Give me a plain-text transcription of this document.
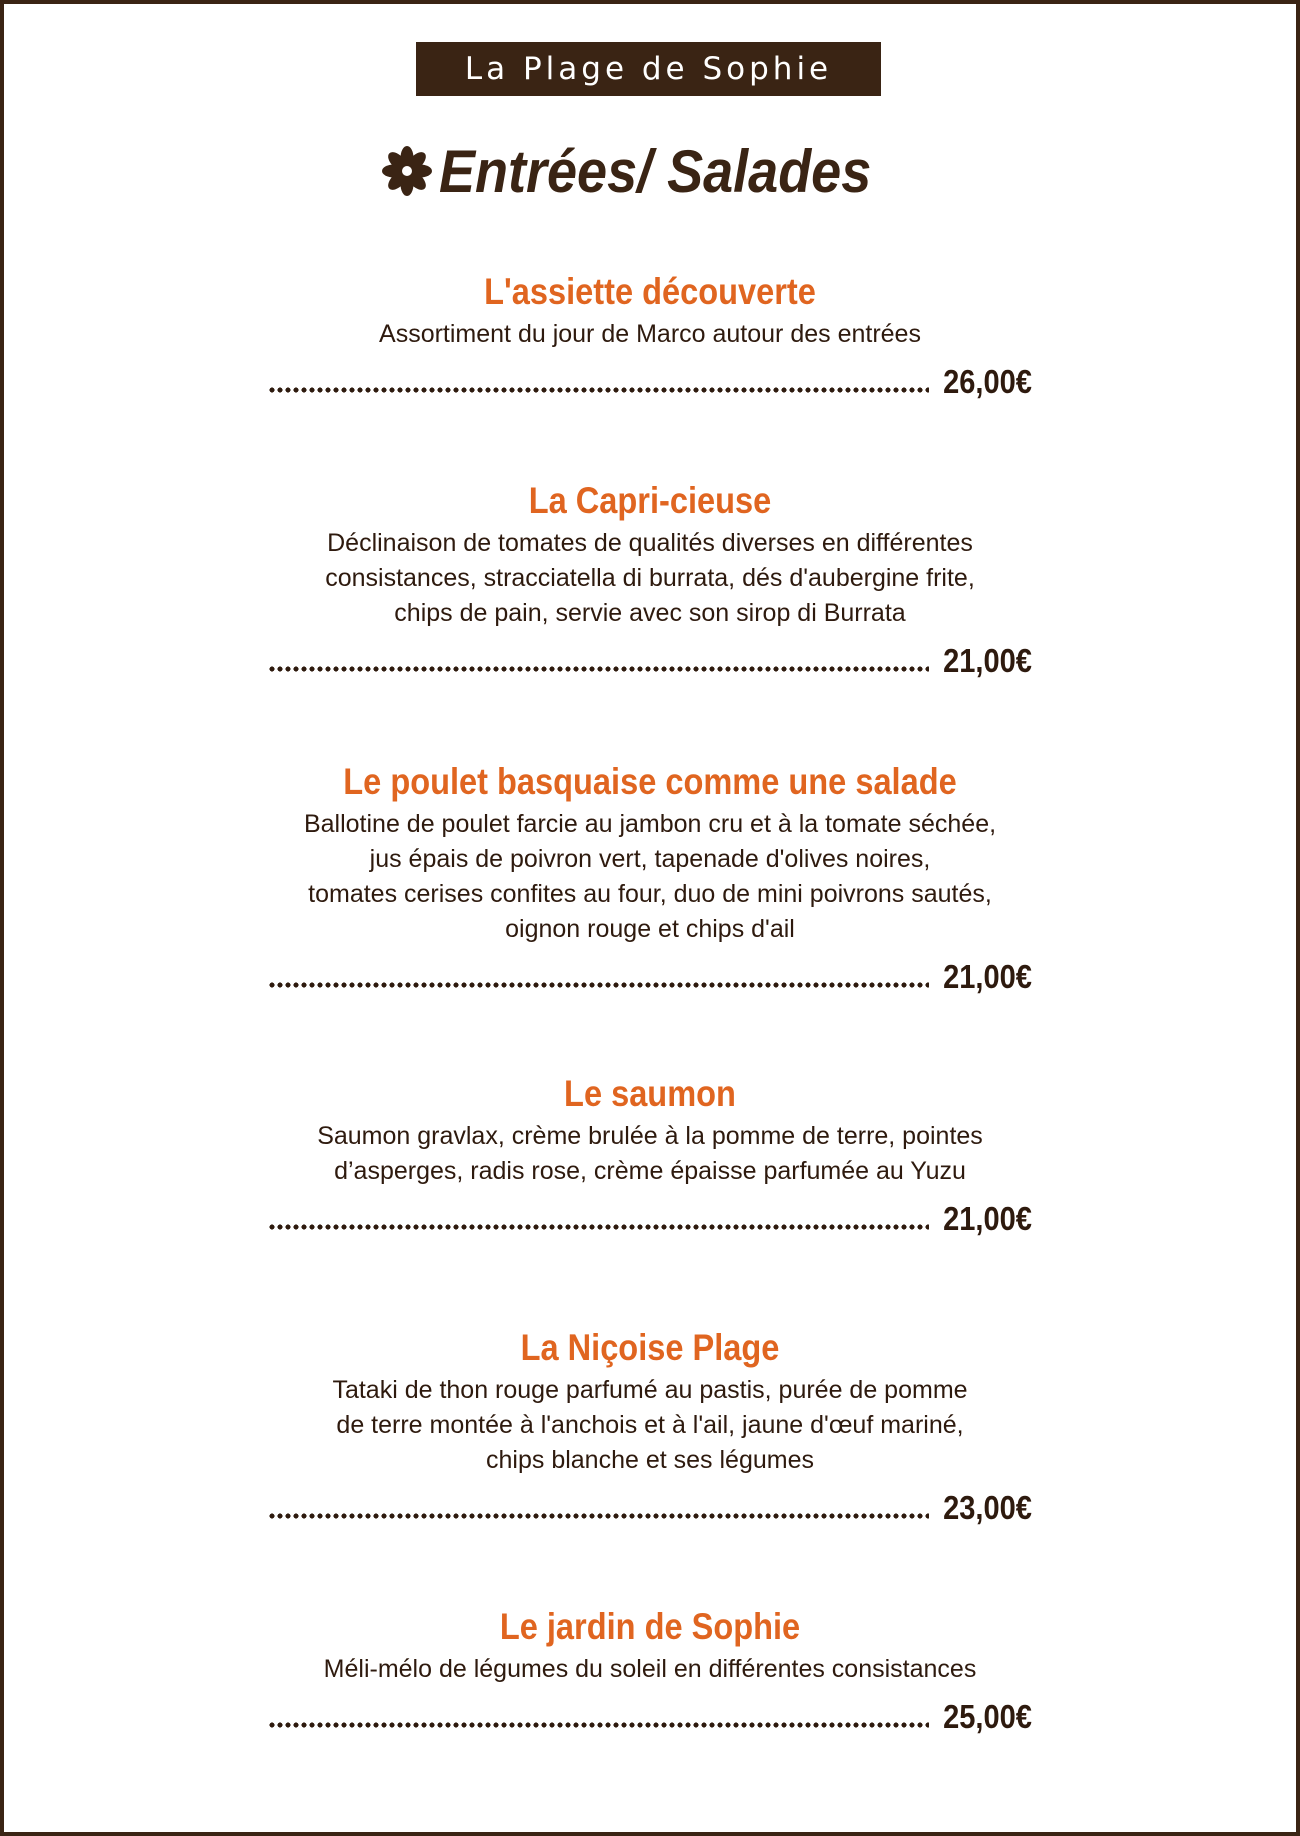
La Plage de Sophie
Entrées/ Salades
L'assiette découverte
Assortiment du jour de Marco autour des entrées
26,00€
La Capri-cieuse
Déclinaison de tomates de qualités diverses en différentes
consistances, stracciatella di burrata, dés d'aubergine frite,
chips de pain, servie avec son sirop di Burrata
21,00€
Le poulet basquaise comme une salade
Ballotine de poulet farcie au jambon cru et à la tomate séchée,
jus épais de poivron vert, tapenade d'olives noires,
tomates cerises confites au four, duo de mini poivrons sautés,
oignon rouge et chips d'ail
21,00€
Le saumon
Saumon gravlax, crème brulée à la pomme de terre, pointes
d’asperges, radis rose, crème épaisse parfumée au Yuzu
21,00€
La Niçoise Plage
Tataki de thon rouge parfumé au pastis, purée de pomme
de terre montée à l'anchois et à l'ail, jaune d'œuf mariné,
chips blanche et ses légumes
23,00€
Le jardin de Sophie
Méli-mélo de légumes du soleil en différentes consistances
25,00€
